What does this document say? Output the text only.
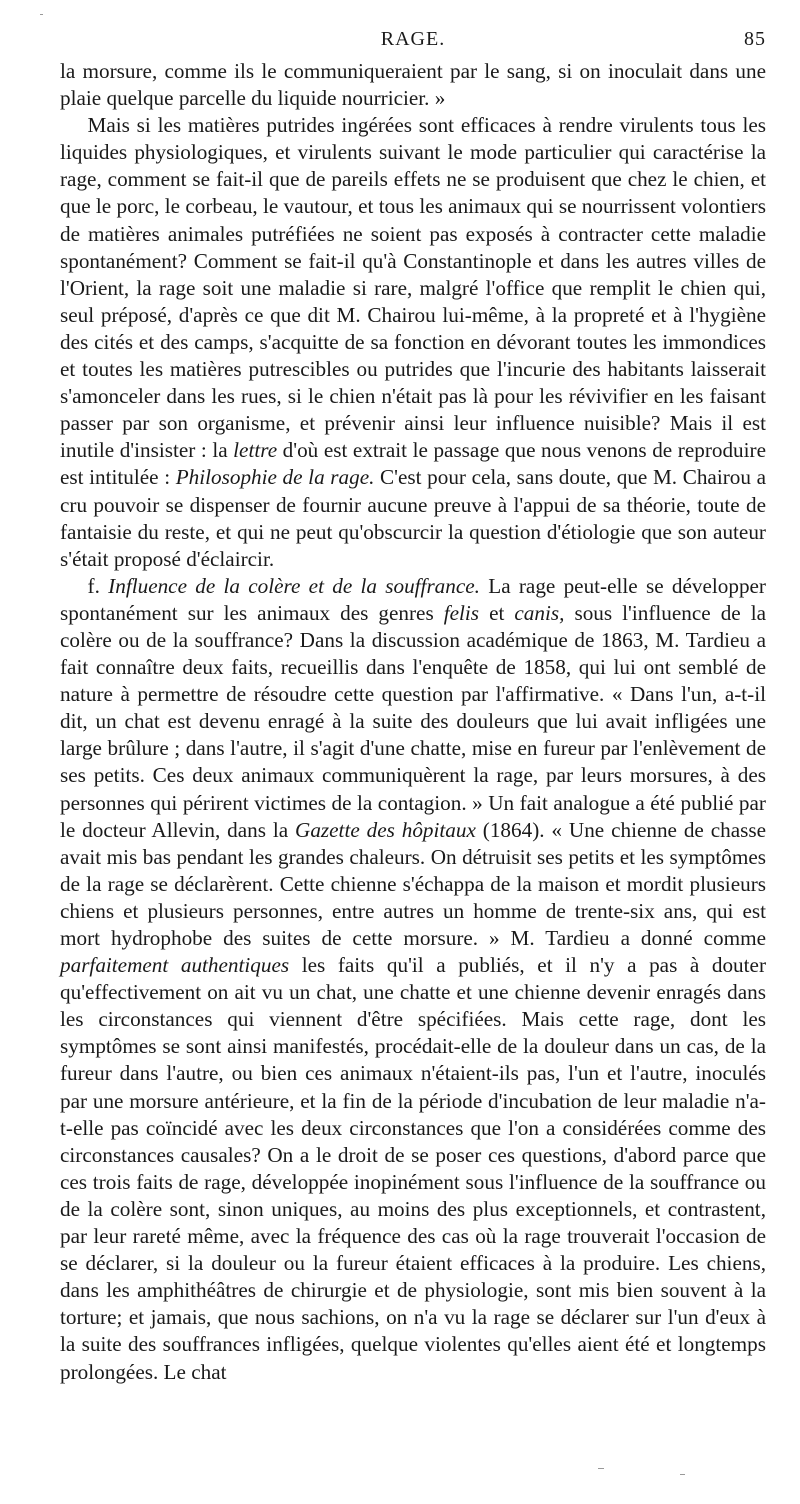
RAGE.	85

la morsure, comme ils le communiqueraient par le sang, si on inoculait dans une plaie quelque parcelle du liquide nourricier. »

Mais si les matières putrides ingérées sont efficaces à rendre virulents tous les liquides physiologiques, et virulents suivant le mode particulier qui caractérise la rage, comment se fait-il que de pareils effets ne se produisent que chez le chien, et que le porc, le corbeau, le vautour, et tous les animaux qui se nourrissent volontiers de matières animales putréfiées ne soient pas exposés à contracter cette maladie spontanément? Comment se fait-il qu'à Constantinople et dans les autres villes de l'Orient, la rage soit une maladie si rare, malgré l'office que remplit le chien qui, seul préposé, d'après ce que dit M. Chairou lui-même, à la propreté et à l'hygiène des cités et des camps, s'acquitte de sa fonction en dévorant toutes les immondices et toutes les matières putrescibles ou putrides que l'incurie des habitants laisserait s'amonceler dans les rues, si le chien n'était pas là pour les révivifier en les faisant passer par son organisme, et prévenir ainsi leur influence nuisible? Mais il est inutile d'insister : la lettre d'où est extrait le passage que nous venons de reproduire est intitulée : Philosophie de la rage. C'est pour cela, sans doute, que M. Chairou a cru pouvoir se dispenser de fournir aucune preuve à l'appui de sa théorie, toute de fantaisie du reste, et qui ne peut qu'obscurcir la question d'étiologie que son auteur s'était proposé d'éclaircir.

f. Influence de la colère et de la souffrance. La rage peut-elle se développer spontanément sur les animaux des genres felis et canis, sous l'influence de la colère ou de la souffrance? Dans la discussion académique de 1863, M. Tardieu a fait connaître deux faits, recueillis dans l'enquête de 1858, qui lui ont semblé de nature à permettre de résoudre cette question par l'affirmative. « Dans l'un, a-t-il dit, un chat est devenu enragé à la suite des douleurs que lui avait infligées une large brûlure ; dans l'autre, il s'agit d'une chatte, mise en fureur par l'enlèvement de ses petits. Ces deux animaux communiquèrent la rage, par leurs morsures, à des personnes qui périrent victimes de la contagion. » Un fait analogue a été publié par le docteur Allevin, dans la Gazette des hôpitaux (1864). « Une chienne de chasse avait mis bas pendant les grandes chaleurs. On détruisit ses petits et les symptômes de la rage se déclarèrent. Cette chienne s'échappa de la maison et mordit plusieurs chiens et plusieurs personnes, entre autres un homme de trente-six ans, qui est mort hydrophobe des suites de cette morsure. » M. Tardieu a donné comme parfaitement authentiques les faits qu'il a publiés, et il n'y a pas à douter qu'effectivement on ait vu un chat, une chatte et une chienne devenir enragés dans les circonstances qui viennent d'être spécifiées. Mais cette rage, dont les symptômes se sont ainsi manifestés, procédait-elle de la douleur dans un cas, de la fureur dans l'autre, ou bien ces animaux n'étaient-ils pas, l'un et l'autre, inoculés par une morsure antérieure, et la fin de la période d'incubation de leur maladie n'a-t-elle pas coïncidé avec les deux circonstances que l'on a considérées comme des circonstances causales? On a le droit de se poser ces questions, d'abord parce que ces trois faits de rage, développée inopinément sous l'influence de la souffrance ou de la colère sont, sinon uniques, au moins des plus exceptionnels, et contrastent, par leur rareté même, avec la fréquence des cas où la rage trouverait l'occasion de se déclarer, si la douleur ou la fureur étaient efficaces à la produire. Les chiens, dans les amphithéâtres de chirurgie et de physiologie, sont mis bien souvent à la torture; et jamais, que nous sachions, on n'a vu la rage se déclarer sur l'un d'eux à la suite des souffrances infligées, quelque violentes qu'elles aient été et longtemps prolongées. Le chat
